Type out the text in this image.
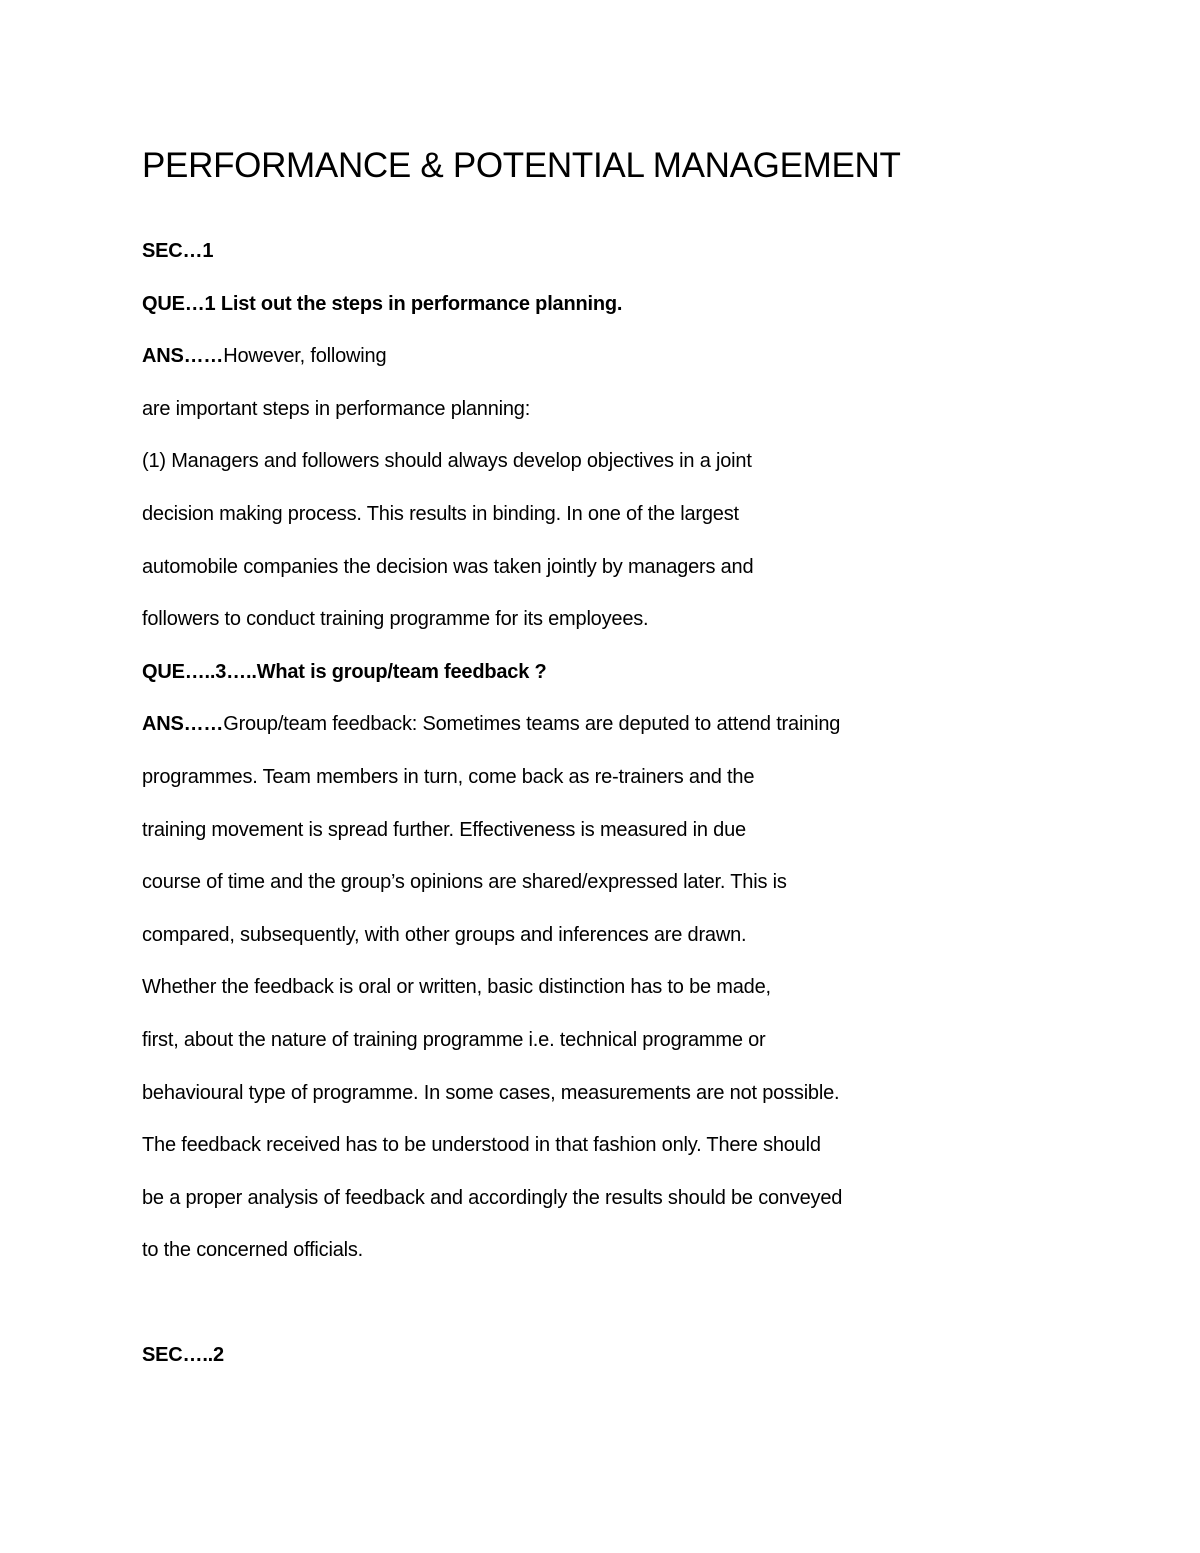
PERFORMANCE & POTENTIAL MANAGEMENT
SEC…1
QUE…1 List out the steps in performance planning.
ANS……However, following
are important steps in performance planning:
(1) Managers and followers should always develop objectives in a joint
decision making process. This results in binding. In one of the largest
automobile companies the decision was taken jointly by managers and
followers to conduct training programme for its employees.
QUE…..3…..What is group/team feedback ?
ANS……Group/team feedback: Sometimes teams are deputed to attend training
programmes. Team members in turn, come back as re-trainers and the
training movement is spread further. Effectiveness is measured in due
course of time and the group’s opinions are shared/expressed later. This is
compared, subsequently, with other groups and inferences are drawn.
Whether the feedback is oral or written, basic distinction has to be made,
first, about the nature of training programme i.e. technical programme or
behavioural type of programme. In some cases, measurements are not possible.
The feedback received has to be understood in that fashion only. There should
be a proper analysis of feedback and accordingly the results should be conveyed
to the concerned officials.
SEC…..2
